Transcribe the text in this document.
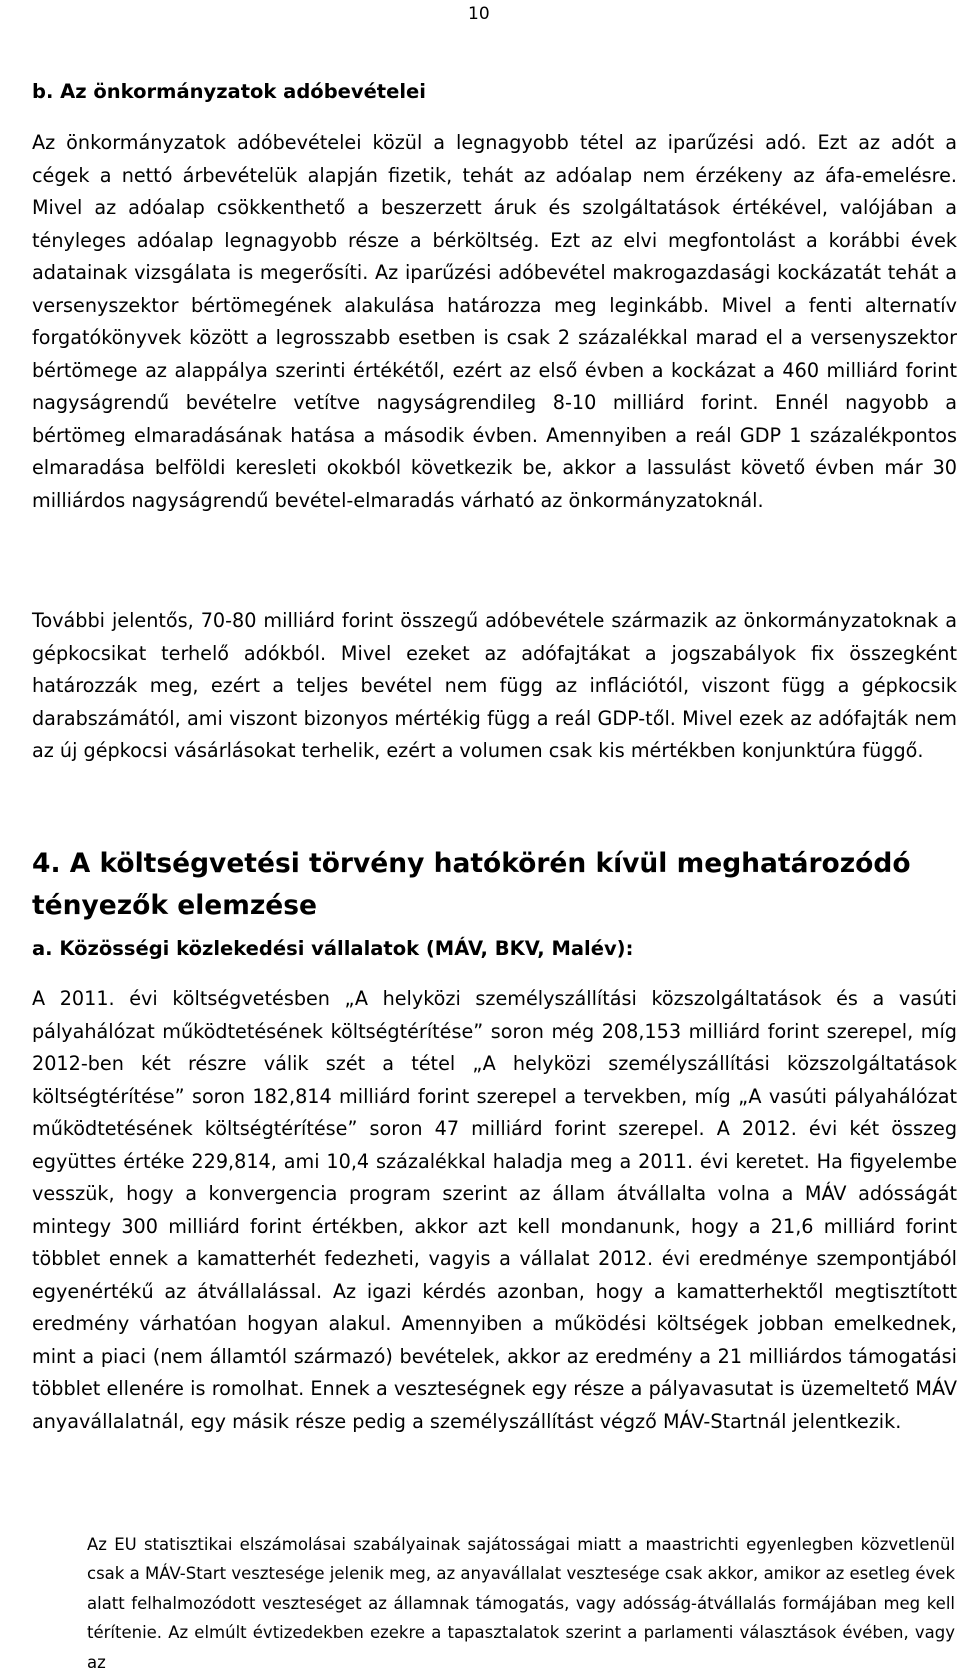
10
b. Az önkormányzatok adóbevételei

Az önkormányzatok adóbevételei közül a legnagyobb tétel az iparűzési adó. Ezt az adót a cégek a nettó árbevételük alapján fizetik, tehát az adóalap nem érzékeny az áfa-emelésre. Mivel az adóalap csökkenthető a beszerzett áruk és szolgáltatások értékével, valójában a tényleges adóalap legnagyobb része a bérköltség. Ezt az elvi megfontolást a korábbi évek adatainak vizsgálata is megerősíti. Az iparűzési adóbevétel makrogazdasági kockázatát tehát a versenyszektor bértömegének alakulása határozza meg leginkább. Mivel a fenti alternatív forgatókönyvek között a legrosszabb esetben is csak 2 százalékkal marad el a versenyszektor bértömege az alappálya szerinti értékétől, ezért az első évben a kockázat a 460 milliárd forint nagyságrendű bevételre vetítve nagyságrendileg 8-10 milliárd forint. Ennél nagyobb a bértömeg elmaradásának hatása a második évben. Amennyiben a reál GDP 1 százalékpontos elmaradása belföldi keresleti okokból következik be, akkor a lassulást követő évben már 30 milliárdos nagyságrendű bevétel-elmaradás várható az önkormányzatoknál.

További jelentős, 70-80 milliárd forint összegű adóbevétele származik az önkormányzatoknak a gépkocsikat terhelő adókból. Mivel ezeket az adófajtákat a jogszabályok fix összegként határozzák meg, ezért a teljes bevétel nem függ az inflációtól, viszont függ a gépkocsik darabszámától, ami viszont bizonyos mértékig függ a reál GDP-től. Mivel ezek az adófajták nem az új gépkocsi vásárlásokat terhelik, ezért a volumen csak kis mértékben konjunktúra függő.

4. A költségvetési törvény hatókörén kívül meghatározódó tényezők elemzése
a. Közösségi közlekedési vállalatok (MÁV, BKV, Malév):

A 2011. évi költségvetésben „A helyközi személyszállítási közszolgáltatások és a vasúti pályahálózat működtetésének költségtérítése” soron még 208,153 milliárd forint szerepel, míg 2012-ben két részre válik szét a tétel „A helyközi személyszállítási közszolgáltatások költségtérítése” soron 182,814 milliárd forint szerepel a tervekben, míg „A vasúti pályahálózat működtetésének költségtérítése” soron 47 milliárd forint szerepel. A 2012. évi két összeg együttes értéke 229,814, ami 10,4 százalékkal haladja meg a 2011. évi keretet. Ha figyelembe vesszük, hogy a konvergencia program szerint az állam átvállalta volna a MÁV adósságát mintegy 300 milliárd forint értékben, akkor azt kell mondanunk, hogy a 21,6 milliárd forint többlet ennek a kamatterhét fedezheti, vagyis a vállalat 2012. évi eredménye szempontjából egyenértékű az átvállalással. Az igazi kérdés azonban, hogy a kamatterhektől megtisztított eredmény várhatóan hogyan alakul. Amennyiben a működési költségek jobban emelkednek, mint a piaci (nem államtól származó) bevételek, akkor az eredmény a 21 milliárdos támogatási többlet ellenére is romolhat. Ennek a veszteségnek egy része a pályavasutat is üzemeltető MÁV anyavállalatnál, egy másik része pedig a személyszállítást végző MÁV-Startnál jelentkezik.

Az EU statisztikai elszámolásai szabályainak sajátosságai miatt a maastrichti egyenlegben közvetlenül csak a MÁV-Start vesztesége jelenik meg, az anyavállalat vesztesége csak akkor, amikor az esetleg évek alatt felhalmozódott veszteséget az államnak támogatás, vagy adósság-átvállalás formájában meg kell térítenie. Az elmúlt évtizedekben ezekre a tapasztalatok szerint a parlamenti választások évében, vagy az
